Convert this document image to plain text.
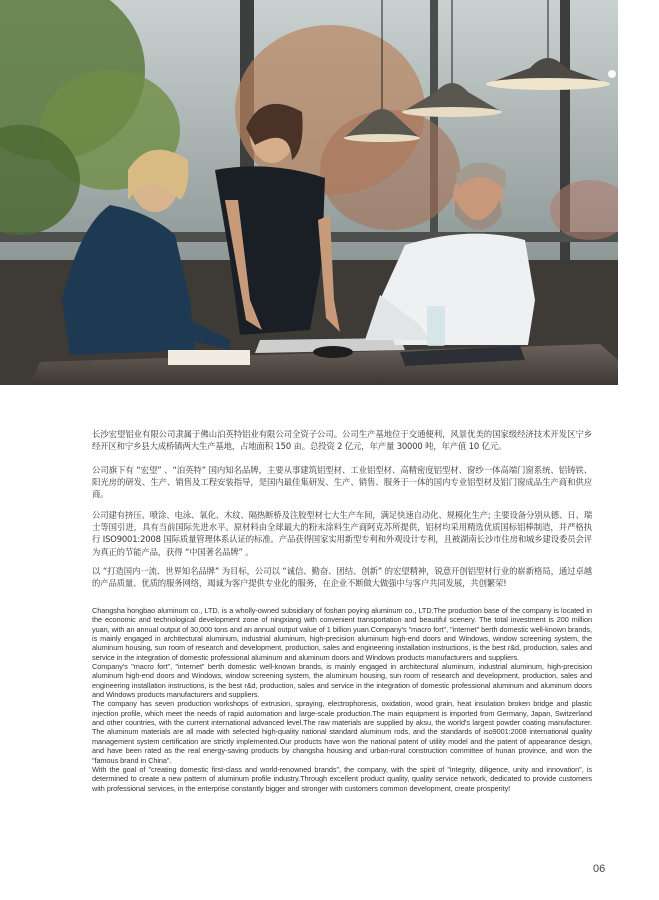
长沙宏望铝业有限公司隶属于佛山泊英特铝业有限公司全资子公司。公司生产基地位于交通便利，风景优美的国家级经济技术开发区宁乡经开区和宁乡县大成桥镇两大生产基地，占地面积 150 亩。总投资 2 亿元，年产量 30000 吨，年产值 10 亿元。

公司旗下有 “宏望” 、“泊英特” 国内知名品牌，主要从事建筑铝型材、工业铝型材、高精密度铝型材、窗纱一体高端门窗系统、铝铸铁、阳光房的研发、生产、销售及工程安装指导，是国内最佳集研发、生产、销售、服务于一体的国内专业铝型材及铝门窗成品生产商和供应商。

公司建有挤压、喷涂、电泳、氧化、木纹、隔热断桥及注胶型材七大生产车间，满足快速自动化、规模化生产; 主要设备分别从德、日、瑞士等国引进，具有当前国际先进水平。原材料由全球最大的粉末涂料生产商阿克苏所提供，铝材均采用精选优质国标铝棒制造，并严格执行 ISO9001:2008 国际质量管理体系认证的标准。产品获得国家实用新型专利和外观设计专利，且被湖南长沙市住房和城乡建设委员会评为真正的节能产品，获得 “中国著名品牌” 。

以 “打造国内一流、世界知名品牌” 为目标，公司以 “诚信、勤奋、团结、创新” 的宏望精神，锐意开创铝型材行业的崭新格局，通过卓越的产品质量、优质的服务网络，竭诚为客户提供专业化的服务，在企业不断做大做强中与客户共同发展，共创繁荣!

Changsha hongbao aluminum co., LTD. is a wholly-owned subsidiary of foshan poying aluminum co., LTD.The production base of the company is located in the economic and technological development zone of ningxiang with convenient transportation and beautiful scenery. The total investment is 200 million yuan, with an annual output of 30,000 tons and an annual output value of 1 billion yuan.Company's "macro fort", "internet" berth domestic well-known brands, is mainly engaged in architectural aluminum, industrial aluminum, high-precision aluminum high-end doors and Windows, window screening system, the aluminum housing, sun room of research and development, production, sales and engineering installation instructions, is the best r&d, production, sales and service in the integration of domestic professional aluminum and aluminum doors and Windows products manufacturers and suppliers.
Company's "macro fort", "internet" berth domestic well-known brands, is mainly engaged in architectural aluminum, industrial aluminum, high-precision aluminum high-end doors and Windows, window screening system, the aluminum housing, sun room of research and development, production, sales and engineering installation instructions, is the best r&d, production, sales and service in the integration of domestic professional aluminum and aluminum doors and Windows products manufacturers and suppliers.
The company has seven production workshops of extrusion, spraying, electrophoresis, oxidation, wood grain, heat insulation broken bridge and plastic injection profile, which meet the needs of rapid automation and large-scale production.The main equipment is imported from Germany, Japan, Switzerland and other countries, with the current international advanced level.The raw materials are supplied by aksu, the world's largest powder coating manufacturer. The aluminum materials are all made with selected high-quality national standard aluminum rods, and the standards of iso9001:2008 international quality management system certification are strictly implemented.Our products have won the national patent of utility model and the patent of appearance design, and have been rated as the real energy-saving products by changsha housing and urban-rural construction committee of hunan province, and won the "famous brand in China".
With the goal of "creating domestic first-class and world-renowned brands", the company, with the spirit of "integrity, diligence, unity and innovation", is determined to create a new pattern of aluminum profile industry.Through excellent product quality, quality service network, dedicated to provide customers with professional services, in the enterprise constantly bigger and stronger with customers common development, create prosperity!
06
